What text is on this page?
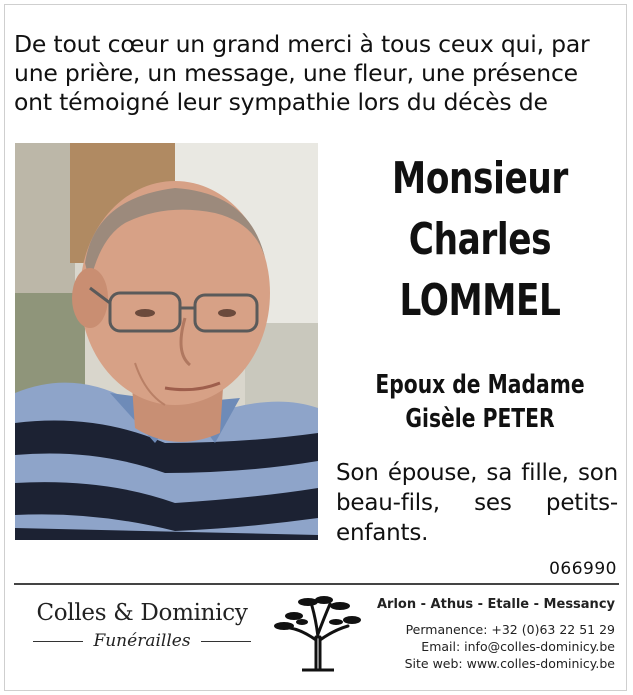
De tout cœur un grand merci à tous ceux qui, par
une prière, un message, une fleur, une présence
ont témoigné leur sympathie lors du décès de
Monsieur
Charles
LOMMEL
Epoux de Madame
Gisèle PETER
Son épouse, sa fille, son beau-fils, ses petits-enfants.
066990
Colles & Dominicy
Funérailles
Arlon - Athus - Etalle - Messancy
Permanence: +32 (0)63 22 51 29
Email: info@colles-dominicy.be
Site web: www.colles-dominicy.be
